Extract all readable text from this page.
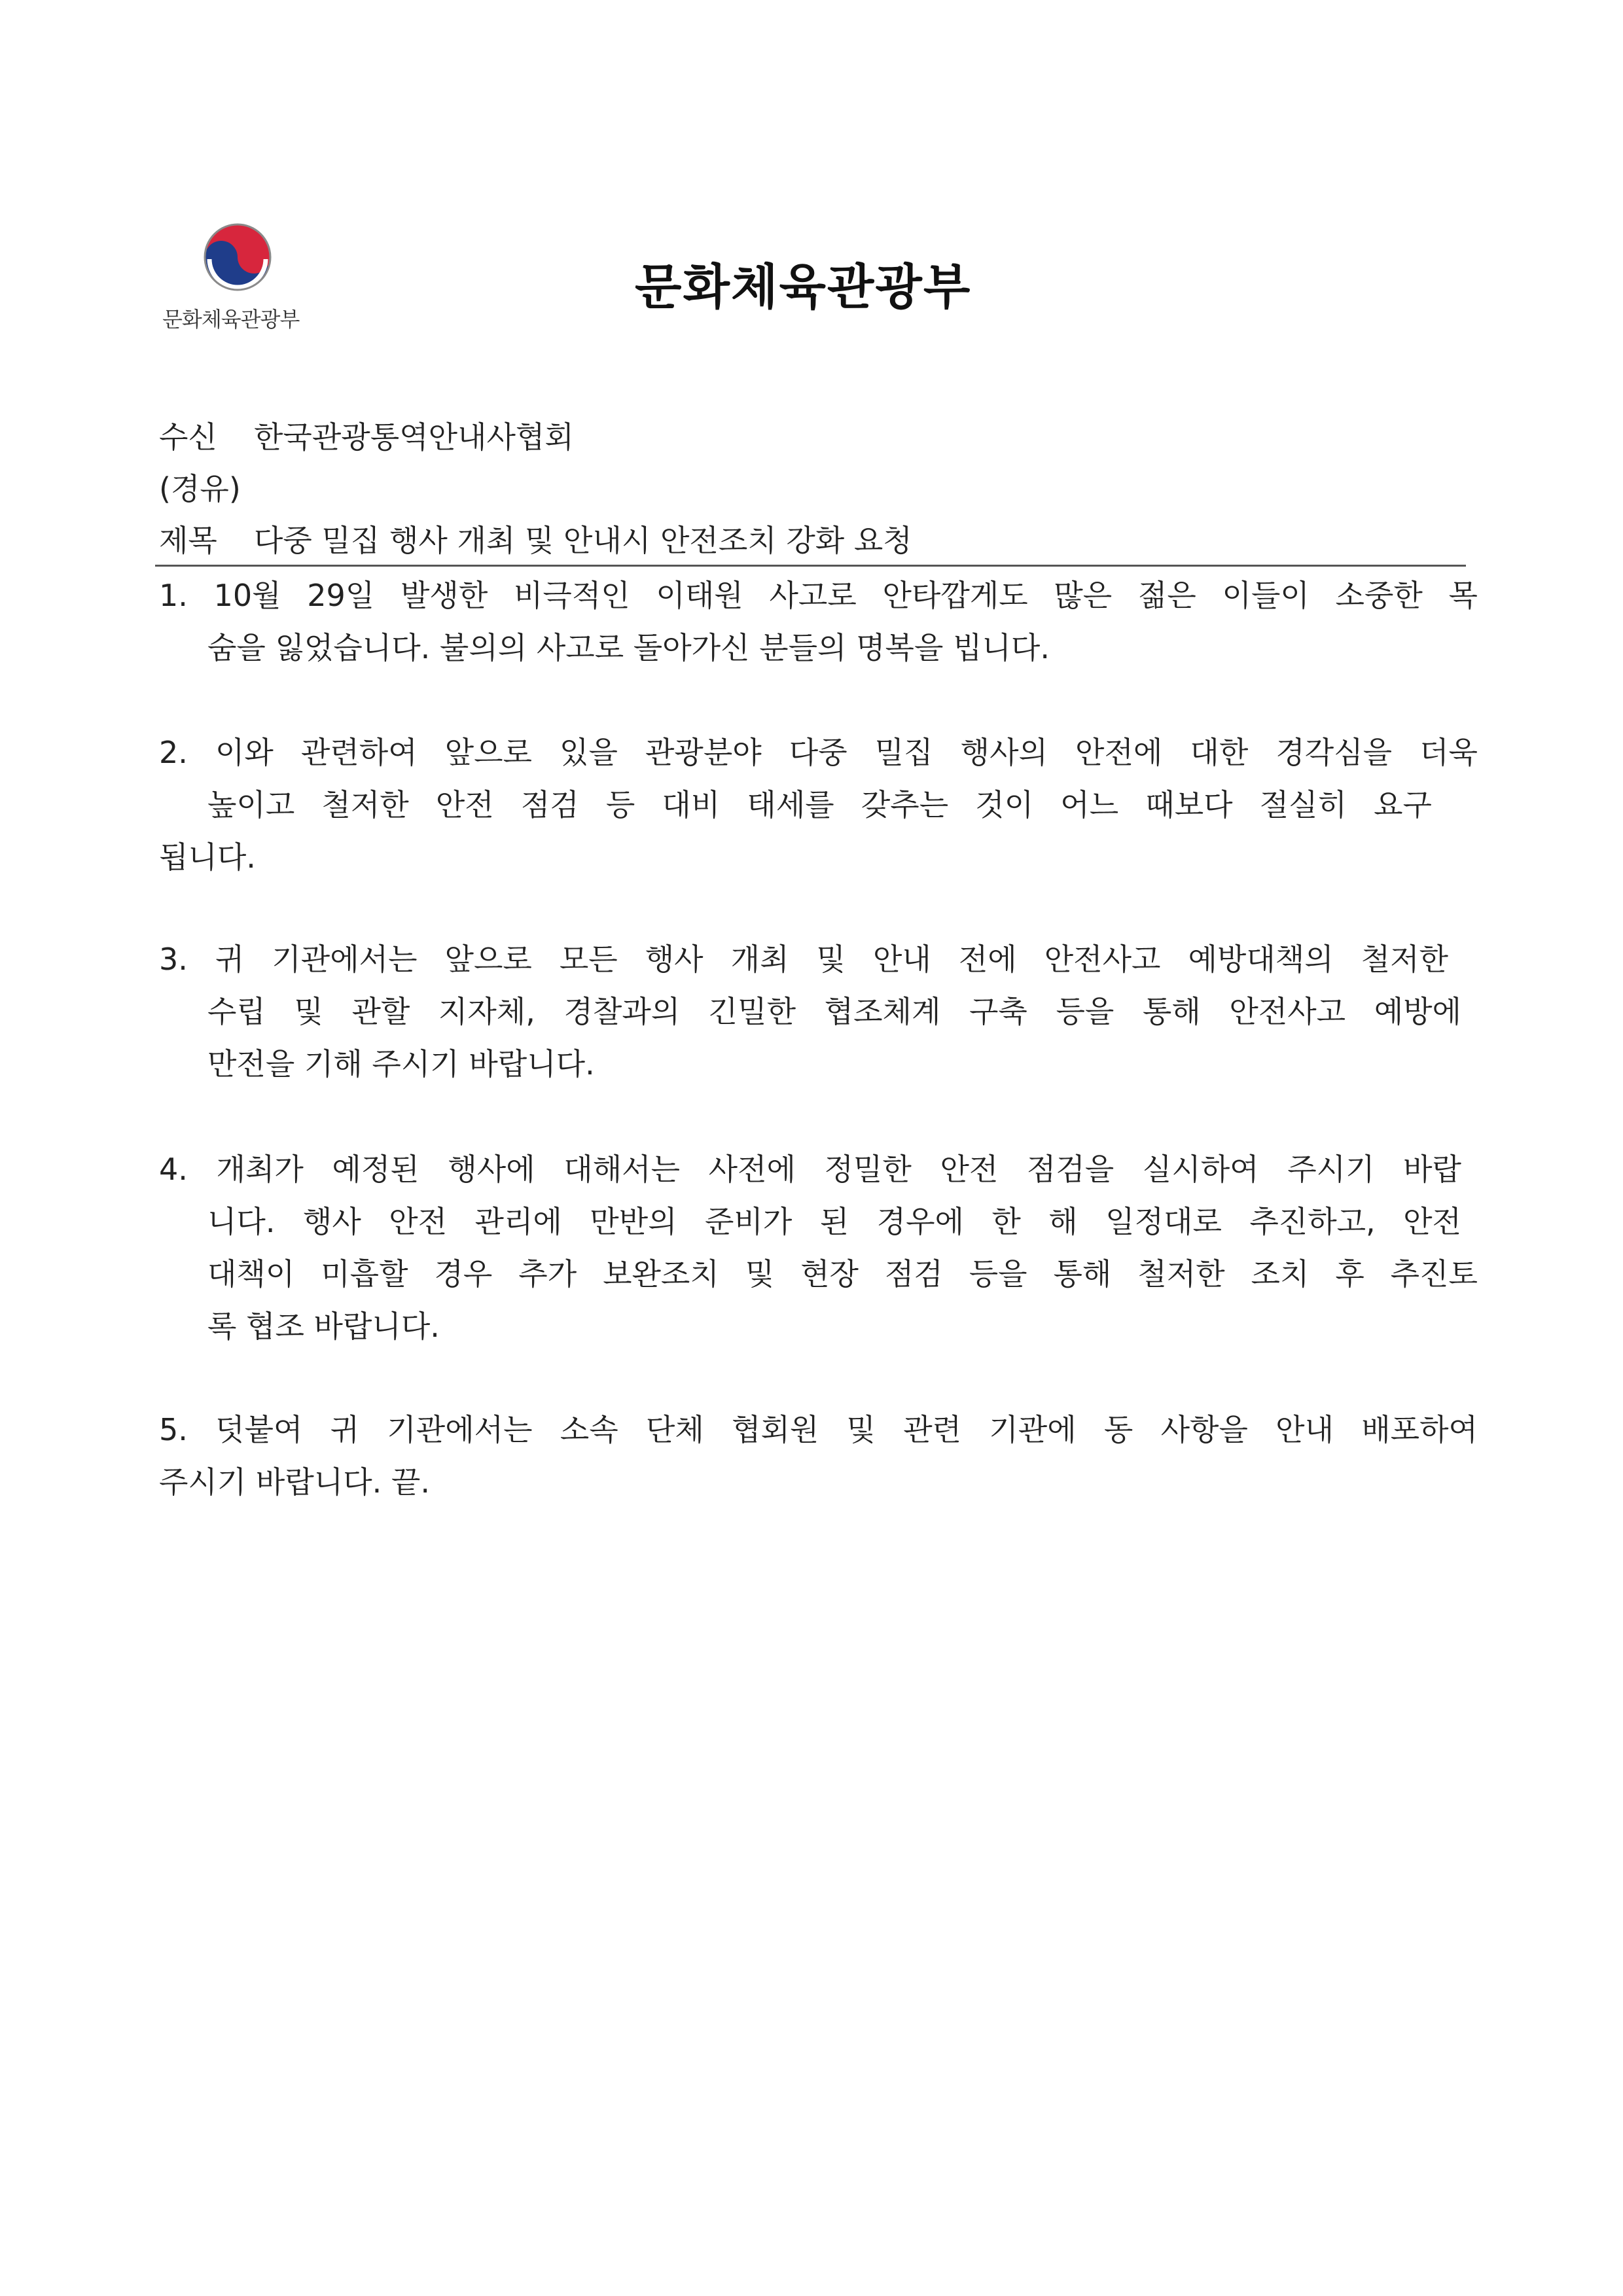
문화체육관광부
문화체육관광부
수신 한국관광통역안내사협회
(경유)
제목 다중 밀집 행사 개최 및 안내시 안전조치 강화 요청
1. 10월 29일 발생한 비극적인 이태원 사고로 안타깝게도 많은 젊은 이들이 소중한 목
숨을 잃었습니다. 불의의 사고로 돌아가신 분들의 명복을 빕니다.
2. 이와 관련하여 앞으로 있을 관광분야 다중 밀집 행사의 안전에 대한 경각심을 더욱
높이고 철저한 안전 점검 등 대비 태세를 갖추는 것이 어느 때보다 절실히 요구
됩니다.
3. 귀 기관에서는 앞으로 모든 행사 개최 및 안내 전에 안전사고 예방대책의 철저한
수립 및 관할 지자체, 경찰과의 긴밀한 협조체계 구축 등을 통해 안전사고 예방에
만전을 기해 주시기 바랍니다.
4. 개최가 예정된 행사에 대해서는 사전에 정밀한 안전 점검을 실시하여 주시기 바랍
니다. 행사 안전 관리에 만반의 준비가 된 경우에 한 해 일정대로 추진하고, 안전
대책이 미흡할 경우 추가 보완조치 및 현장 점검 등을 통해 철저한 조치 후 추진토
록 협조 바랍니다.
5. 덧붙여 귀 기관에서는 소속 단체 협회원 및 관련 기관에 동 사항을 안내 배포하여
주시기 바랍니다. 끝.
